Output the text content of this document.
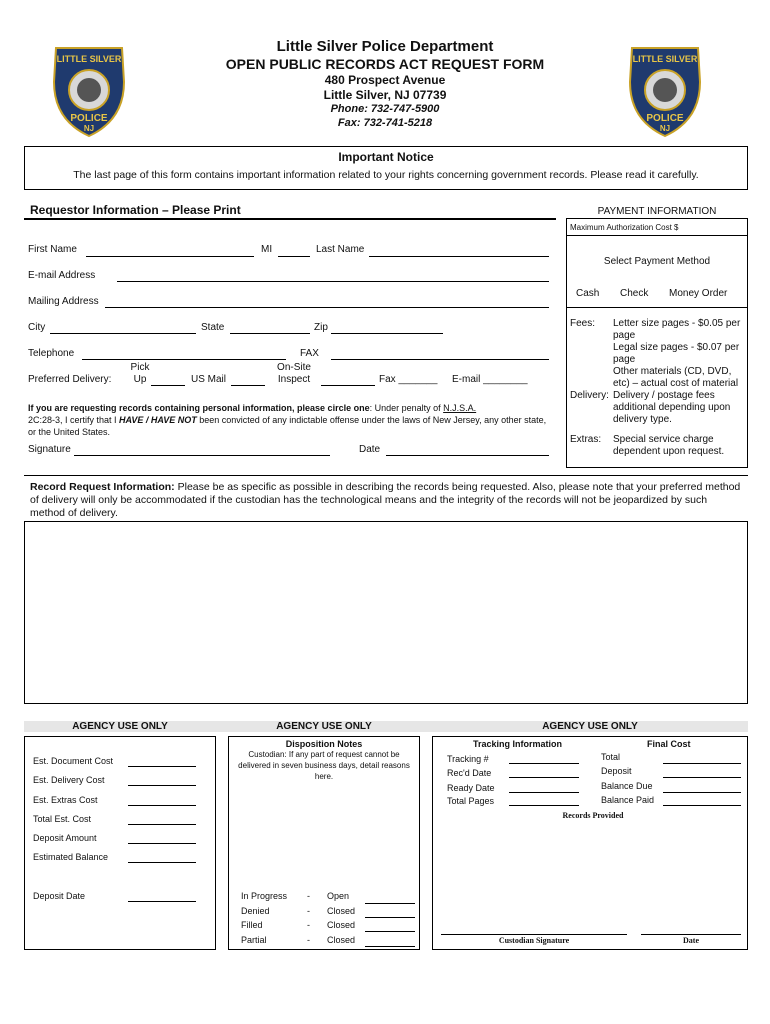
LITTLE SILVER
POLICE
NJ
LITTLE SILVER
POLICE
NJ
Little Silver Police Department
OPEN PUBLIC RECORDS ACT REQUEST FORM
480 Prospect Avenue
Little Silver, NJ 07739
Phone: 732-747-5900
Fax: 732-741-5218
Important Notice
The last page of this form contains important information related to your rights concerning government records. Please read it carefully.
Requestor Information – Please Print
First Name	MI	Last Name
E-mail Address
Mailing Address
City	State	Zip
Telephone	FAX
Preferred Delivery:
Pick
Up	US Mail
On-Site
Inspect	Fax _______ E-mail ________
If you are requesting records containing personal information, please circle one: Under penalty of N.J.S.A.
2C:28-3, I certify that I HAVE / HAVE NOT been convicted of any indictable offense under the laws of New Jersey, any other state, or the United States.
Signature	Date
PAYMENT INFORMATION
Maximum Authorization Cost $
Select Payment Method
Cash Check Money Order
Fees: Letter size pages - $0.05 per page
Legal size pages - $0.07 per page
Other materials (CD, DVD, etc) – actual cost of material
Delivery: Delivery / postage fees additional depending upon delivery type.
Extras: Special service charge dependent upon request.
Record Request Information: Please be as specific as possible in describing the records being requested. Also, please note that your preferred method of delivery will only be accommodated if the custodian has the technological means and the integrity of the records will not be jeopardized by such method of delivery.
AGENCY USE ONLY	AGENCY USE ONLY	AGENCY USE ONLY
Est. Document Cost
Est. Delivery Cost
Est. Extras Cost
Total Est. Cost
Deposit Amount
Estimated Balance
Deposit Date
Disposition Notes
Custodian: If any part of request cannot be delivered in seven business days, detail reasons here.
In Progress - Open
Denied	- Closed
Filled	- Closed
Partial	- Closed
Tracking Information	Final Cost
Tracking #
Rec'd Date
Ready Date
Total Pages
Total
Deposit
Balance Due
Balance Paid
Records Provided
Custodian Signature	Date
